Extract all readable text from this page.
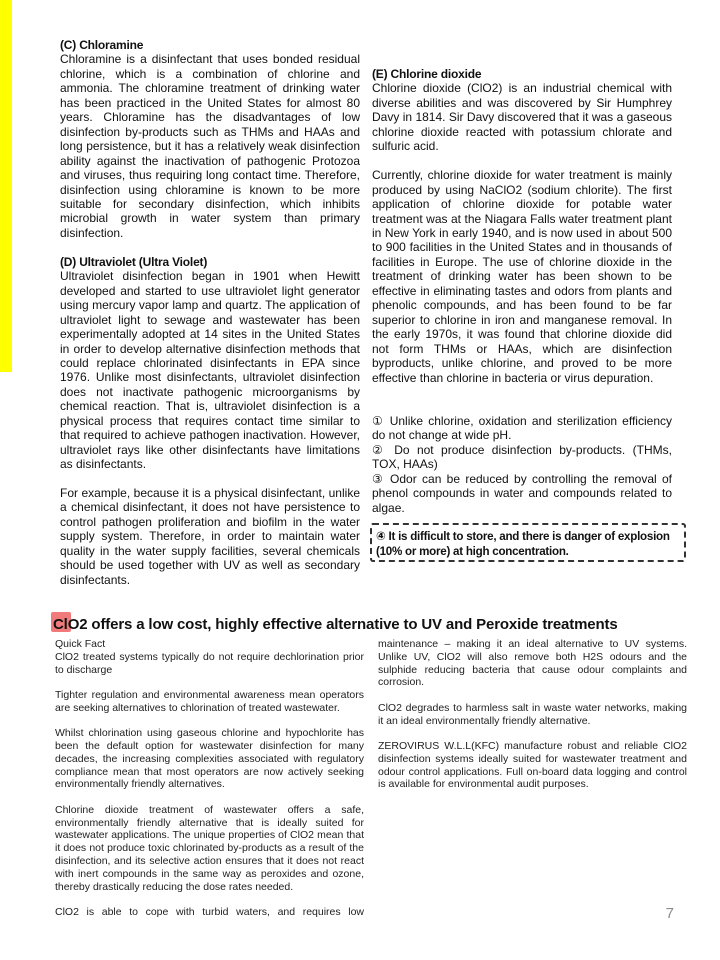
(C) Chloramine

Chloramine is a disinfectant that uses bonded residual chlorine, which is a combination of chlorine and ammonia. The chloramine treatment of drinking water has been practiced in the United States for almost 80 years. Chloramine has the disadvantages of low disinfection by-products such as THMs and HAAs and long persistence, but it has a relatively weak disinfection ability against the inactivation of pathogenic Protozoa and viruses, thus requiring long contact time. Therefore, disinfection using chloramine is known to be more suitable for secondary disinfection, which inhibits microbial growth in water system than primary disinfection.

(D) Ultraviolet (Ultra Violet)

Ultraviolet disinfection began in 1901 when Hewitt developed and started to use ultraviolet light generator using mercury vapor lamp and quartz. The application of ultraviolet light to sewage and wastewater has been experimentally adopted at 14 sites in the United States in order to develop alternative disinfection methods that could replace chlorinated disinfectants in EPA since 1976. Unlike most disinfectants, ultraviolet disinfection does not inactivate pathogenic microorganisms by chemical reaction. That is, ultraviolet disinfection is a physical process that requires contact time similar to that required to achieve pathogen inactivation. However, ultraviolet rays like other disinfectants have limitations as disinfectants.

For example, because it is a physical disinfectant, unlike a chemical disinfectant, it does not have persistence to control pathogen proliferation and biofilm in the water supply system. Therefore, in order to maintain water quality in the water supply facilities, several chemicals should be used together with UV as well as secondary disinfectants.

(E) Chlorine dioxide

Chlorine dioxide (ClO2) is an industrial chemical with diverse abilities and was discovered by Sir Humphrey Davy in 1814. Sir Davy discovered that it was a gaseous chlorine dioxide reacted with potassium chlorate and sulfuric acid.

Currently, chlorine dioxide for water treatment is mainly produced by using NaClO2 (sodium chlorite). The first application of chlorine dioxide for potable water treatment was at the Niagara Falls water treatment plant in New York in early 1940, and is now used in about 500 to 900 facilities in the United States and in thousands of facilities in Europe. The use of chlorine dioxide in the treatment of drinking water has been shown to be effective in eliminating tastes and odors from plants and phenolic compounds, and has been found to be far superior to chlorine in iron and manganese removal. In the early 1970s, it was found that chlorine dioxide did not form THMs or HAAs, which are disinfection byproducts, unlike chlorine, and proved to be more effective than chlorine in bacteria or virus depuration.

① Unlike chlorine, oxidation and sterilization efficiency do not change at wide pH.

② Do not produce disinfection by-products. (THMs, TOX, HAAs)

③ Odor can be reduced by controlling the removal of phenol compounds in water and compounds related to algae.

④ It is difficult to store, and there is danger of explosion (10% or more) at high concentration.
ClO2 offers a low cost, highly effective alternative to UV and Peroxide treatments
Quick Fact

ClO2 treated systems typically do not require dechlorination prior to discharge

Tighter regulation and environmental awareness mean operators are seeking alternatives to chlorination of treated wastewater.

Whilst chlorination using gaseous chlorine and hypochlorite has been the default option for wastewater disinfection for many decades, the increasing complexities associated with regulatory compliance mean that most operators are now actively seeking environmentally friendly alternatives.

Chlorine dioxide treatment of wastewater offers a safe, environmentally friendly alternative that is ideally suited for wastewater applications. The unique properties of ClO2 mean that it does not produce toxic chlorinated by-products as a result of the disinfection, and its selective action ensures that it does not react with inert compounds in the same way as peroxides and ozone, thereby drastically reducing the dose rates needed.

ClO2 is able to cope with turbid waters, and requires low

maintenance – making it an ideal alternative to UV systems. Unlike UV, ClO2 will also remove both H2S odours and the sulphide reducing bacteria that cause odour complaints and corrosion.

ClO2 degrades to harmless salt in waste water networks, making it an ideal environmentally friendly alternative.

ZEROVIRUS W.L.L(KFC) manufacture robust and reliable ClO2 disinfection systems ideally suited for wastewater treatment and odour control applications. Full on-board data logging and control is available for environmental audit purposes.

7
